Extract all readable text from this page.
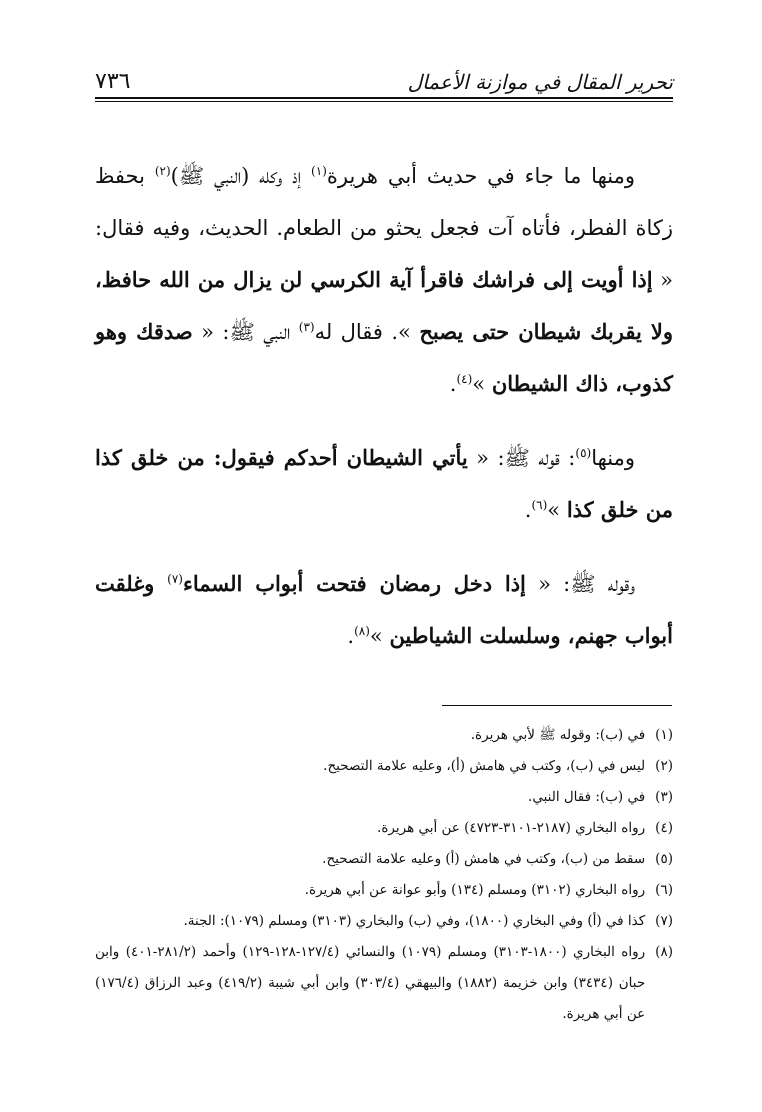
تحرير المقال في موازنة الأعمال
٧٣٦

ومنها ما جاء في حديث أبي هريرة$^{(١)}$ إذ وكله (النبي ﷺ)$^{(٢)}$ بحفظ زكاة الفطر، فأتاه آت فجعل يحثو من الطعام. الحديث، وفيه فقال: « إذا أويت إلى فراشك فاقرأ آية الكرسي لن يزال من الله حافظ، ولا يقربك شيطان حتى يصبح ». فقال له$^{(٣)}$ النبي ﷺ: « صدقك وهو كذوب، ذاك الشيطان »$^{(٤)}$.

ومنها$^{(٥)}$: قوله ﷺ: « يأتي الشيطان أحدكم فيقول: من خلق كذا من خلق كذا »$^{(٦)}$.

وقوله ﷺ: « إذا دخل رمضان فتحت أبواب السماء$^{(٧)}$ وغلقت أبواب جهنم، وسلسلت الشياطين »$^{(٨)}$.

(١)
في (ب): وقوله ﷺ لأبي هريرة.

(٢)
ليس في (ب)، وكتب في هامش (أ)، وعليه علامة التصحيح.

(٣)
في (ب): فقال النبي.

(٤)
رواه البخاري (٢١٨٧-٣١٠١-٤٧٢٣) عن أبي هريرة.

(٥)
سقط من (ب)، وكتب في هامش (أ) وعليه علامة التصحيح.

(٦)
رواه البخاري (٣١٠٢) ومسلم (١٣٤) وأبو عوانة عن أبي هريرة.

(٧)
كذا في (أ) وفي البخاري (١٨٠٠)، وفي (ب) والبخاري (٣١٠٣) ومسلم (١٠٧٩): الجنة.

(٨)
رواه البخاري (١٨٠٠-٣١٠٣) ومسلم (١٠٧٩) والنسائي (١٢٧/٤-١٢٨-١٢٩) وأحمد (٢٨١/٢-٤٠١) وابن حبان (٣٤٣٤) وابن خزيمة (١٨٨٢) والبيهقي (٣٠٣/٤) وابن أبي شيبة (٤١٩/٢) وعبد الرزاق (١٧٦/٤) عن أبي هريرة.
